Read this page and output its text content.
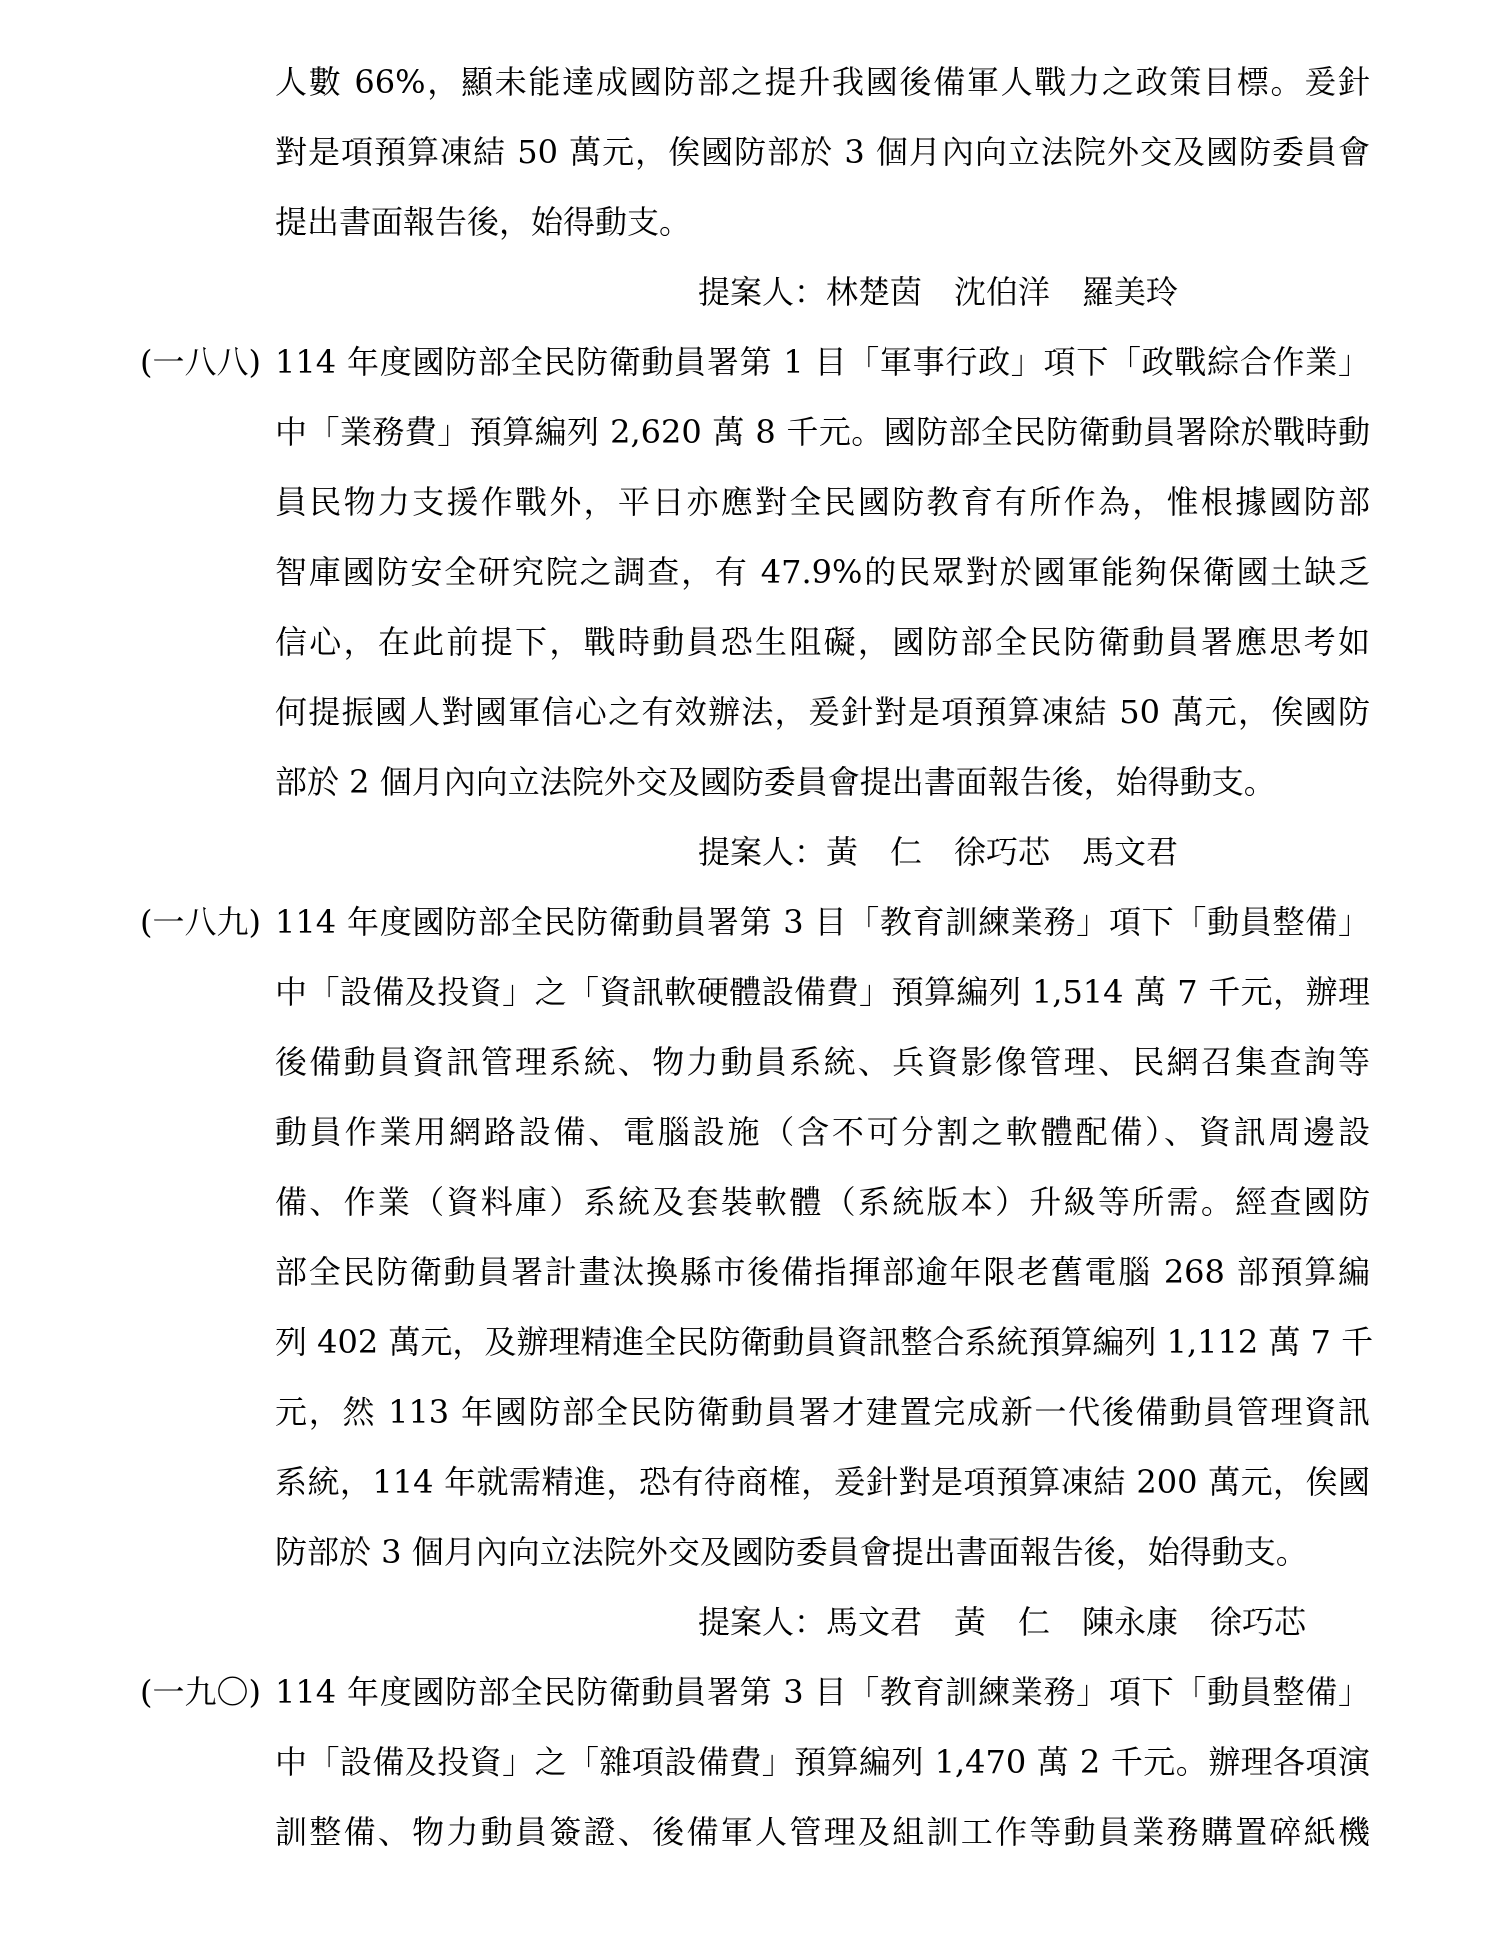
人數 66%，顯未能達成國防部之提升我國後備軍人戰力之政策目標。爰針
對是項預算凍結 50 萬元，俟國防部於 3 個月內向立法院外交及國防委員會
提出書面報告後，始得動支。
提案人：林楚茵　沈伯洋　羅美玲
(一八八) 114 年度國防部全民防衛動員署第 1 目「軍事行政」項下「政戰綜合作業」
中「業務費」預算編列 2,620 萬 8 千元。國防部全民防衛動員署除於戰時動
員民物力支援作戰外，平日亦應對全民國防教育有所作為，惟根據國防部
智庫國防安全研究院之調查，有 47.9%的民眾對於國軍能夠保衛國土缺乏
信心，在此前提下，戰時動員恐生阻礙，國防部全民防衛動員署應思考如
何提振國人對國軍信心之有效辦法，爰針對是項預算凍結 50 萬元，俟國防
部於 2 個月內向立法院外交及國防委員會提出書面報告後，始得動支。
提案人：黃　仁　徐巧芯　馬文君
(一八九) 114 年度國防部全民防衛動員署第 3 目「教育訓練業務」項下「動員整備」
中「設備及投資」之「資訊軟硬體設備費」預算編列 1,514 萬 7 千元，辦理
後備動員資訊管理系統、物力動員系統、兵資影像管理、民網召集查詢等
動員作業用網路設備、電腦設施（含不可分割之軟體配備）、資訊周邊設
備、作業（資料庫）系統及套裝軟體（系統版本）升級等所需。經查國防
部全民防衛動員署計畫汰換縣市後備指揮部逾年限老舊電腦 268 部預算編
列 402 萬元，及辦理精進全民防衛動員資訊整合系統預算編列 1,112 萬 7 千
元，然 113 年國防部全民防衛動員署才建置完成新一代後備動員管理資訊
系統，114 年就需精進，恐有待商榷，爰針對是項預算凍結 200 萬元，俟國
防部於 3 個月內向立法院外交及國防委員會提出書面報告後，始得動支。
提案人：馬文君　黃　仁　陳永康　徐巧芯
(一九〇) 114 年度國防部全民防衛動員署第 3 目「教育訓練業務」項下「動員整備」
中「設備及投資」之「雜項設備費」預算編列 1,470 萬 2 千元。辦理各項演
訓整備、物力動員簽證、後備軍人管理及組訓工作等動員業務購置碎紙機
